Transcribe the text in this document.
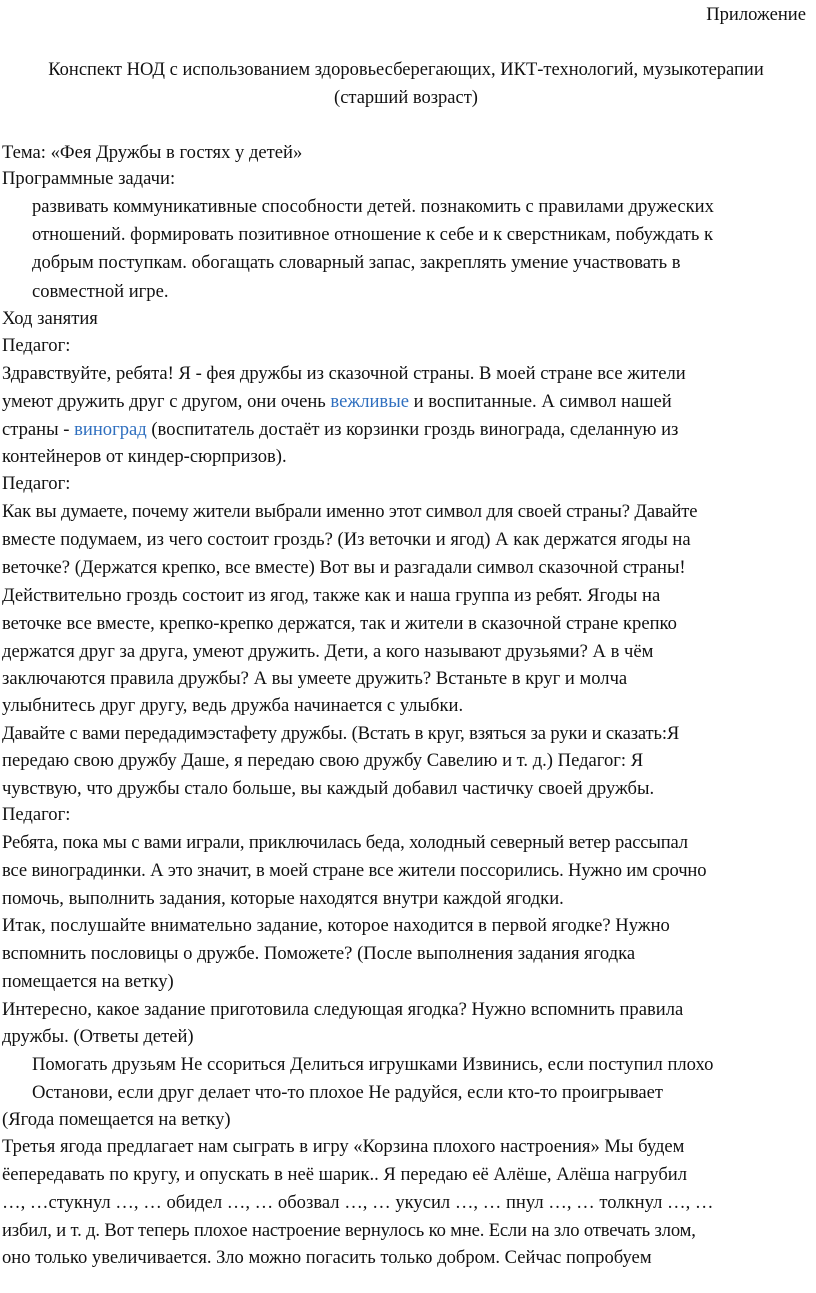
Приложение
Конспект НОД с использованием здоровьесберегающих, ИКТ-технологий, музыкотерапии
(старший возраст)
Тема: «Фея Дружбы в гостях у детей»
Программные задачи:
развивать коммуникативные способности детей. познакомить с правилами дружеских
отношений. формировать позитивное отношение к себе и к сверстникам, побуждать к
добрым поступкам. обогащать словарный запас, закреплять умение участвовать в
совместной игре.
Ход занятия
Педагог:
Здравствуйте, ребята! Я - фея дружбы из сказочной страны. В моей стране все жители
умеют дружить друг с другом, они очень вежливые и воспитанные. А символ нашей
страны - виноград (воспитатель достаёт из корзинки гроздь винограда, сделанную из
контейнеров от киндер-сюрпризов).
Педагог:
Как вы думаете, почему жители выбрали именно этот символ для своей страны? Давайте
вместе подумаем, из чего состоит гроздь? (Из веточки и ягод) А как держатся ягоды на
веточке? (Держатся крепко, все вместе) Вот вы и разгадали символ сказочной страны!
Действительно гроздь состоит из ягод, также как и наша группа из ребят. Ягоды на
веточке все вместе, крепко-крепко держатся, так и жители в сказочной стране крепко
держатся друг за друга, умеют дружить. Дети, а кого называют друзьями? А в чём
заключаются правила дружбы? А вы умеете дружить? Встаньте в круг и молча
улыбнитесь друг другу, ведь дружба начинается с улыбки.
Давайте с вами передадимэстафету дружбы. (Встать в круг, взяться за руки и сказать:Я
передаю свою дружбу Даше, я передаю свою дружбу Савелию и т. д.) Педагог: Я
чувствую, что дружбы стало больше, вы каждый добавил частичку своей дружбы.
Педагог:
Ребята, пока мы с вами играли, приключилась беда, холодный северный ветер рассыпал
все виноградинки. А это значит, в моей стране все жители поссорились. Нужно им срочно
помочь, выполнить задания, которые находятся внутри каждой ягодки.
Итак, послушайте внимательно задание, которое находится в первой ягодке? Нужно
вспомнить пословицы о дружбе. Поможете? (После выполнения задания ягодка
помещается на ветку)
Интересно, какое задание приготовила следующая ягодка? Нужно вспомнить правила
дружбы. (Ответы детей)
Помогать друзьям Не ссориться Делиться игрушками Извинись, если поступил плохо
Останови, если друг делает что-то плохое Не радуйся, если кто-то проигрывает
(Ягода помещается на ветку)
Третья ягода предлагает нам сыграть в игру «Корзина плохого настроения» Мы будем
ёепередавать по кругу, и опускать в неё шарик.. Я передаю её Алёше, Алёша нагрубил
…, …стукнул …, … обидел …, … обозвал …, … укусил …, … пнул …, … толкнул …, …
избил, и т. д. Вот теперь плохое настроение вернулось ко мне. Если на зло отвечать злом,
оно только увеличивается. Зло можно погасить только добром. Сейчас попробуем
